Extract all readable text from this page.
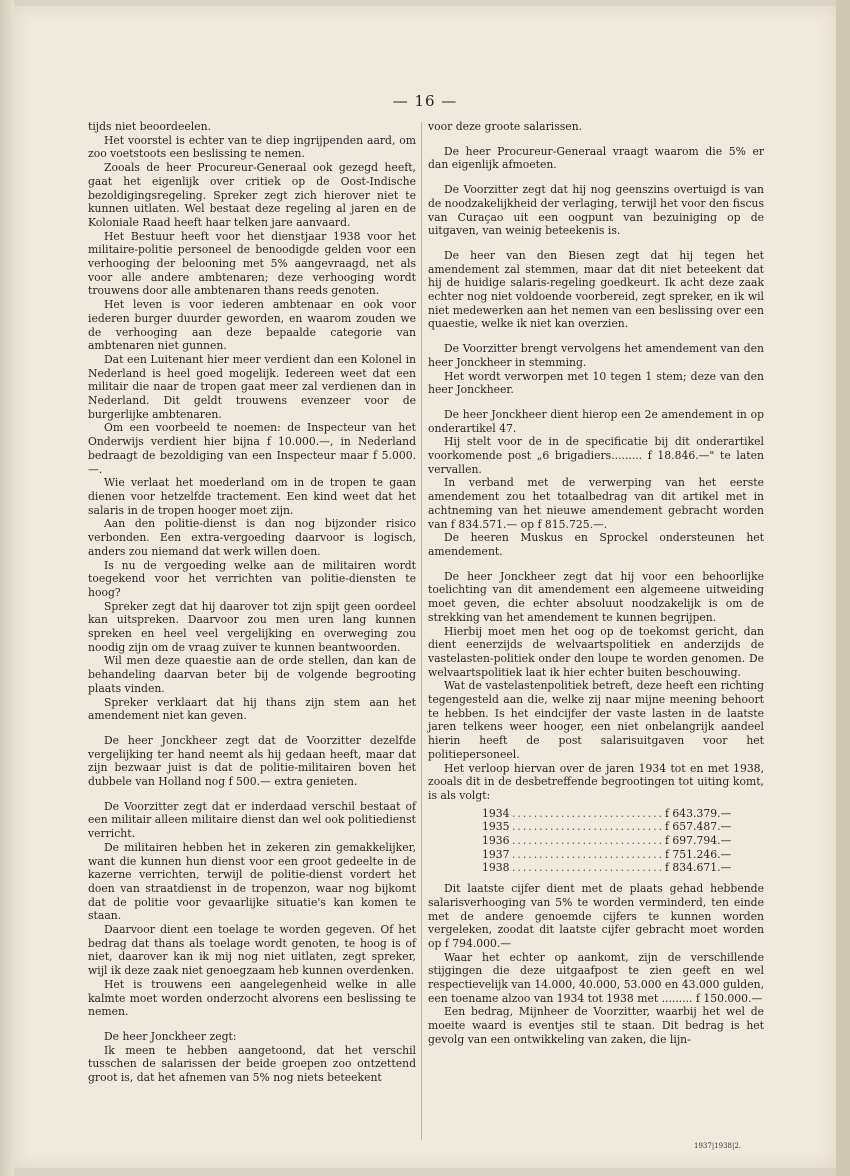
— 16 —

tijds niet beoordeelen.

Het voorstel is echter van te diep ingrijpenden aard, om zoo voetstoots een beslissing te nemen.

Zooals de heer Procureur-Generaal ook gezegd heeft, gaat het eigenlijk over critiek op de Oost-Indische bezoldigingsregeling. Spreker zegt zich hierover niet te kunnen uitlaten. Wel bestaat deze regeling al jaren en de Koloniale Raad heeft haar telken jare aanvaard.

Het Bestuur heeft voor het dienstjaar 1938 voor het militaire-politie personeel de benoodigde gelden voor een verhooging der belooning met 5% aangevraagd, net als voor alle andere ambtenaren; deze verhooging wordt trouwens door alle ambtenaren thans reeds genoten.

Het leven is voor iederen ambtenaar en ook voor iederen burger duurder geworden, en waarom zouden we de verhooging aan deze bepaalde categorie van ambtenaren niet gunnen.

Dat een Luitenant hier meer verdient dan een Kolonel in Nederland is heel goed mogelijk. Iedereen weet dat een militair die naar de tropen gaat meer zal verdienen dan in Nederland. Dit geldt trouwens evenzeer voor de burgerlijke ambtenaren.

Om een voorbeeld te noemen: de Inspecteur van het Onderwijs verdient hier bijna f 10.000.—, in Nederland bedraagt de bezoldiging van een Inspecteur maar f 5.000.—.

Wie verlaat het moederland om in de tropen te gaan dienen voor hetzelfde tractement. Een kind weet dat het salaris in de tropen hooger moet zijn.

Aan den politie-dienst is dan nog bijzonder risico verbonden. Een extra-vergoeding daarvoor is logisch, anders zou niemand dat werk willen doen.

Is nu de vergoeding welke aan de militairen wordt toegekend voor het verrichten van politie-diensten te hoog?

Spreker zegt dat hij daarover tot zijn spijt geen oordeel kan uitspreken. Daarvoor zou men uren lang kunnen spreken en heel veel vergelijking en overweging zou noodig zijn om de vraag zuiver te kunnen beantwoorden.

Wil men deze quaestie aan de orde stellen, dan kan de behandeling daarvan beter bij de volgende begrooting plaats vinden.

Spreker verklaart dat hij thans zijn stem aan het amendement niet kan geven.

De heer Jonckheer zegt dat de Voorzitter dezelfde vergelijking ter hand neemt als hij gedaan heeft, maar dat zijn bezwaar juist is dat de politie-militairen boven het dubbele van Holland nog f 500.— extra genieten.

De Voorzitter zegt dat er inderdaad verschil bestaat of een militair alleen militaire dienst dan wel ook politiedienst verricht.

De militairen hebben het in zekeren zin gemakkelijker, want die kunnen hun dienst voor een groot gedeelte in de kazerne verrichten, terwijl de politie-dienst vordert het doen van straatdienst in de tropenzon, waar nog bijkomt dat de politie voor gevaarlijke situatie's kan komen te staan.

Daarvoor dient een toelage te worden gegeven. Of het bedrag dat thans als toelage wordt genoten, te hoog is of niet, daarover kan ik mij nog niet uitlaten, zegt spreker, wijl ik deze zaak niet genoegzaam heb kunnen overdenken.

Het is trouwens een aangelegenheid welke in alle kalmte moet worden onderzocht alvorens een beslissing te nemen.

De heer Jonckheer zegt:

Ik meen te hebben aangetoond, dat het verschil tusschen de salarissen der beide groepen zoo ontzettend groot is, dat het afnemen van 5% nog niets beteekent

voor deze groote salarissen.

De heer Procureur-Generaal vraagt waarom die 5% er dan eigenlijk afmoeten.

De Voorzitter zegt dat hij nog geenszins overtuigd is van de noodzakelijkheid der verlaging, terwijl het voor den fiscus van Curaçao uit een oogpunt van bezuiniging op de uitgaven, van weinig beteekenis is.

De heer van den Biesen zegt dat hij tegen het amendement zal stemmen, maar dat dit niet beteekent dat hij de huidige salaris-regeling goedkeurt. Ik acht deze zaak echter nog niet voldoende voorbereid, zegt spreker, en ik wil niet medewerken aan het nemen van een beslissing over een quaestie, welke ik niet kan overzien.

De Voorzitter brengt vervolgens het amendement van den heer Jonckheer in stemming.

Het wordt verworpen met 10 tegen 1 stem; deze van den heer Jonckheer.

De heer Jonckheer dient hierop een 2e amendement in op onderartikel 47.

Hij stelt voor de in de specificatie bij dit onderartikel voorkomende post „6 brigadiers......... f 18.846.—" te laten vervallen.

In verband met de verwerping van het eerste amendement zou het totaalbedrag van dit artikel met in achtneming van het nieuwe amendement gebracht worden van f 834.571.— op f 815.725.—.

De heeren Muskus en Sprockel ondersteunen het amendement.

De heer Jonckheer zegt dat hij voor een behoorlijke toelichting van dit amendement een algemeene uitweiding moet geven, die echter absoluut noodzakelijk is om de strekking van het amendement te kunnen begrijpen.

Hierbij moet men het oog op de toekomst gericht, dan dient eenerzijds de welvaartspolitiek en anderzijds de vastelasten-politiek onder den loupe te worden genomen. De welvaartspolitiek laat ik hier echter buiten beschouwing.

Wat de vastelastenpolitiek betreft, deze heeft een richting tegengesteld aan die, welke zij naar mijne meening behoort te hebben. Is het eindcijfer der vaste lasten in de laatste jaren telkens weer hooger, een niet onbelangrijk aandeel hierin heeft de post salarisuitgaven voor het politiepersoneel.

Het verloop hiervan over de jaren 1934 tot en met 1938, zooals dit in de desbetreffende begrootingen tot uiting komt, is als volgt:

1934 .....	f 643.379.—
1935 .....	f 657.487.—
1936 .....	f 697.794.—
1937 .....	f 751.246.—
1938 .....	f 834.671.—

Dit laatste cijfer dient met de plaats gehad hebbende salarisverhooging van 5% te worden verminderd, ten einde met de andere genoemde cijfers te kunnen worden vergeleken, zoodat dit laatste cijfer gebracht moet worden op f 794.000.—

Waar het echter op aankomt, zijn de verschillende stijgingen die deze uitgaafpost te zien geeft en wel respectievelijk van 14.000, 40.000, 53.000 en 43.000 gulden, een toename alzoo van 1934 tot 1938 met ......... f 150.000.—

Een bedrag, Mijnheer de Voorzitter, waarbij het wel de moeite waard is eventjes stil te staan. Dit bedrag is het gevolg van een ontwikkeling van zaken, die lijn-

1937|1938|2.
